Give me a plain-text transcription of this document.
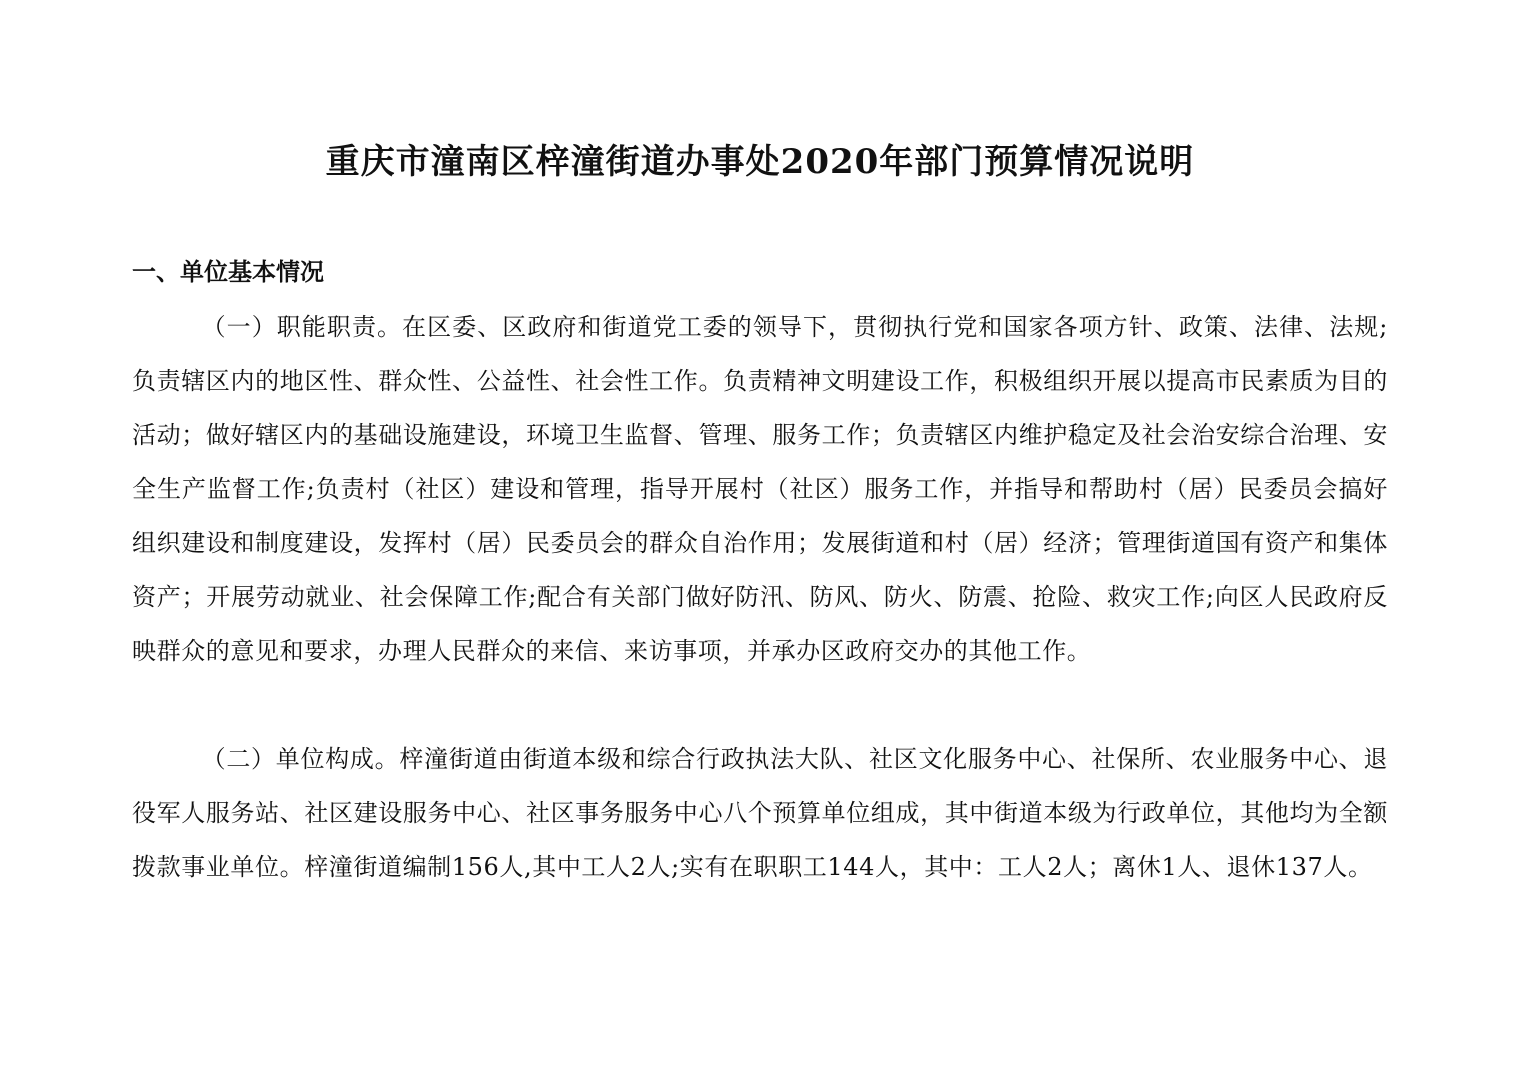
重庆市潼南区梓潼街道办事处2020年部门预算情况说明
一、单位基本情况

（一）职能职责。在区委、区政府和街道党工委的领导下，贯彻执行党和国家各项方针、政策、法律、法规;负责辖区内的地区性、群众性、公益性、社会性工作。负责精神文明建设工作，积极组织开展以提高市民素质为目的活动；做好辖区内的基础设施建设，环境卫生监督、管理、服务工作；负责辖区内维护稳定及社会治安综合治理、安全生产监督工作;负责村（社区）建设和管理，指导开展村（社区）服务工作，并指导和帮助村（居）民委员会搞好组织建设和制度建设，发挥村（居）民委员会的群众自治作用；发展街道和村（居）经济；管理街道国有资产和集体资产；开展劳动就业、社会保障工作;配合有关部门做好防汛、防风、防火、防震、抢险、救灾工作;向区人民政府反映群众的意见和要求，办理人民群众的来信、来访事项，并承办区政府交办的其他工作。

（二）单位构成。梓潼街道由街道本级和综合行政执法大队、社区文化服务中心、社保所、农业服务中心、退役军人服务站、社区建设服务中心、社区事务服务中心八个预算单位组成，其中街道本级为行政单位，其他均为全额拨款事业单位。梓潼街道编制156人,其中工人2人;实有在职职工144人，其中：工人2人；离休1人、退休137人。
